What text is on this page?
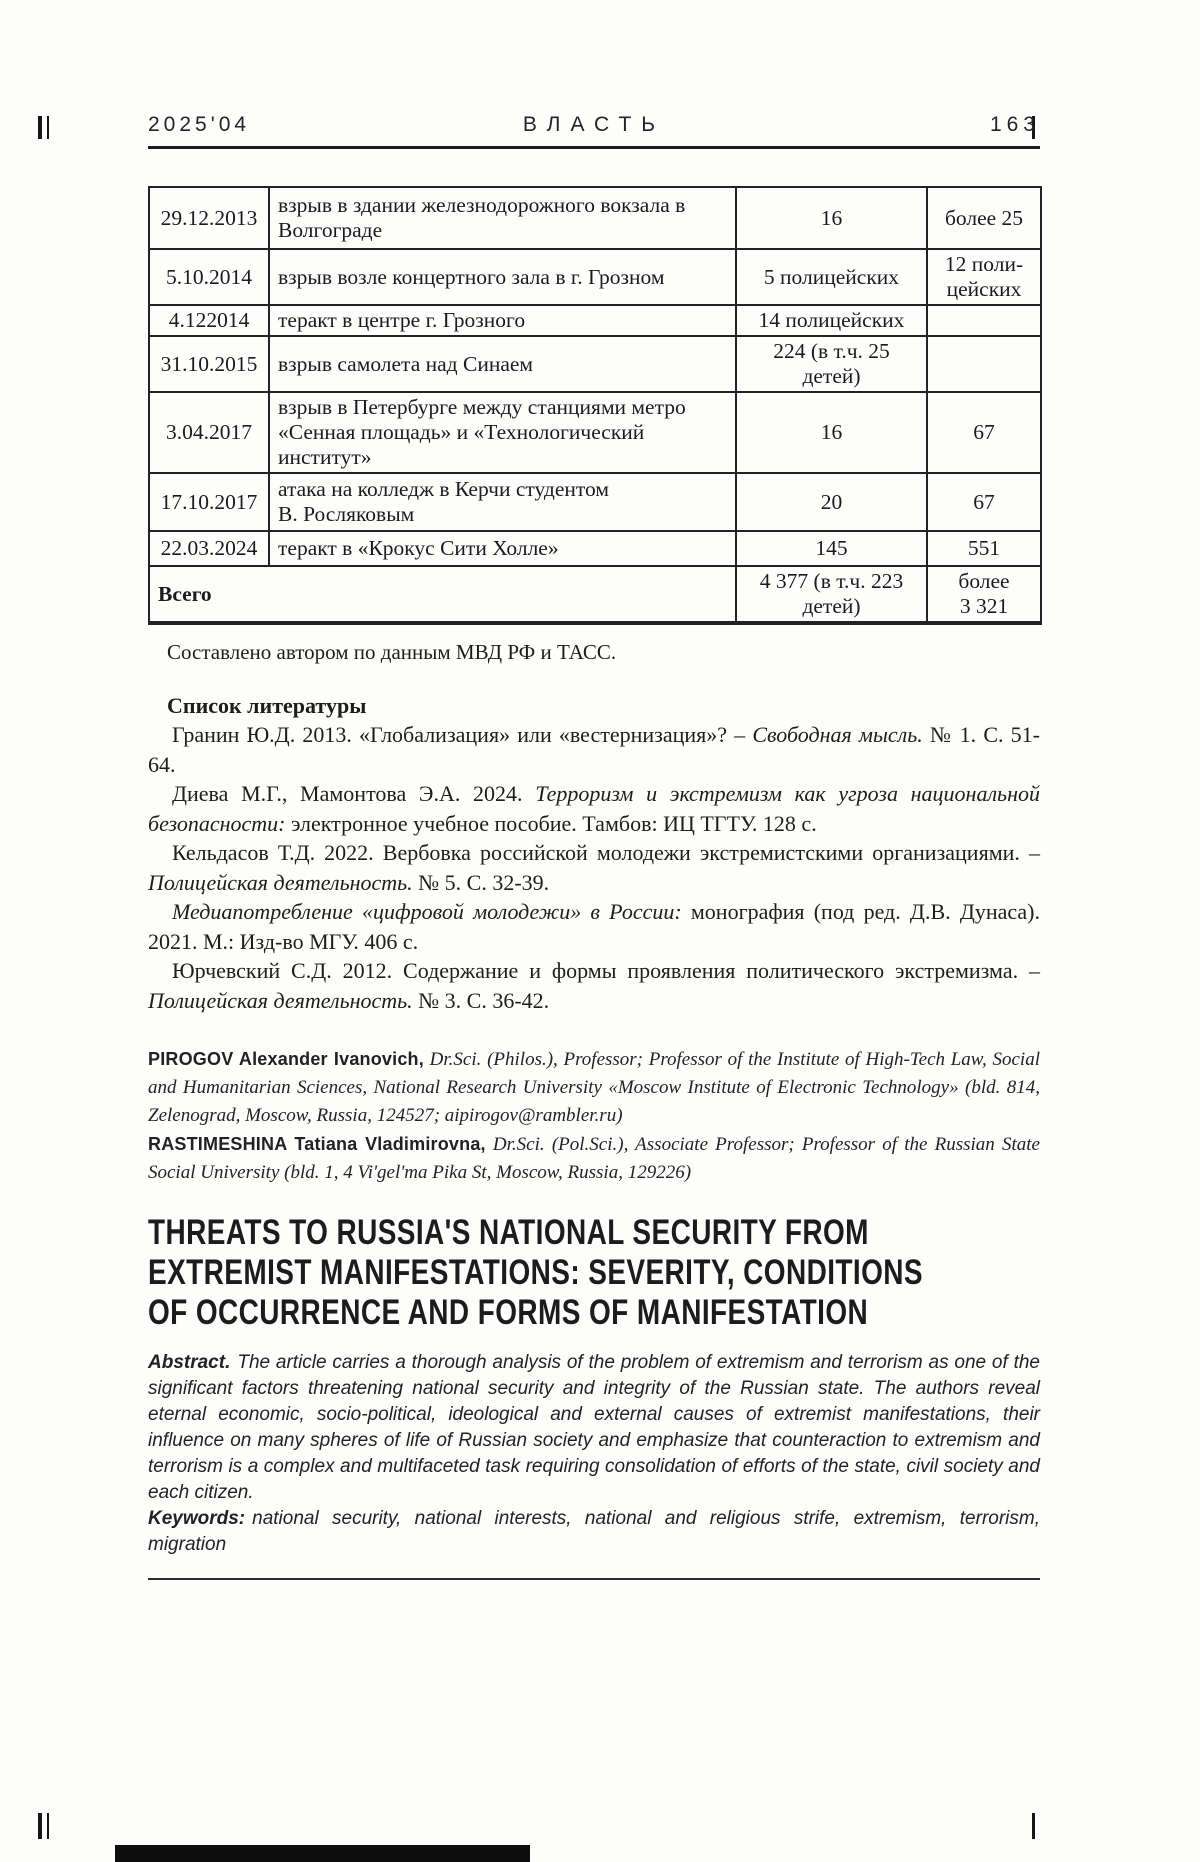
2025'04	ВЛАСТЬ	163
29.12.2013	взрыв в здании железнодорожного вокзала в Волгограде	16	более 25
5.10.2014	взрыв возле концертного зала в г. Грозном	5 полицейских	12 поли-цейских
4.122014	теракт в центре г. Грозного	14 полицейских	
31.10.2015	взрыв самолета над Синаем	224 (в т.ч. 25 детей)	
3.04.2017	взрыв в Петербурге между станциями метро «Сенная площадь» и «Технологический институт»	16	67
17.10.2017	атака на колледж в Керчи студентом В. Росляковым	20	67
22.03.2024	теракт в «Крокус Сити Холле»	145	551
Всего		4 377 (в т.ч. 223 детей)	более 3 321

Составлено автором по данным МВД РФ и ТАСС.

Список литературы

Гранин Ю.Д. 2013. «Глобализация» или «вестернизация»? – Свободная мысль. № 1. С. 51-64.

Диева М.Г., Мамонтова Э.А. 2024. Терроризм и экстремизм как угроза национальной безопасности: электронное учебное пособие. Тамбов: ИЦ ТГТУ. 128 с.

Кельдасов Т.Д. 2022. Вербовка российской молодежи экстремистскими организациями. – Полицейская деятельность. № 5. С. 32-39.

Медиапотребление «цифровой молодежи» в России: монография (под ред. Д.В. Дунаса). 2021. М.: Изд-во МГУ. 406 с.

Юрчевский С.Д. 2012. Содержание и формы проявления политического экстремизма. – Полицейская деятельность. № 3. С. 36-42.

PIROGOV Alexander Ivanovich, Dr.Sci. (Philos.), Professor; Professor of the Institute of High-Tech Law, Social and Humanitarian Sciences, National Research University «Moscow Institute of Electronic Technology» (bld. 814, Zelenograd, Moscow, Russia, 124527; aipirogov@rambler.ru)

RASTIMESHINA Tatiana Vladimirovna, Dr.Sci. (Pol.Sci.), Associate Professor; Professor of the Russian State Social University (bld. 1, 4 Vi'gel'ma Pika St, Moscow, Russia, 129226)

THREATS TO RUSSIA'S NATIONAL SECURITY FROM
EXTREMIST MANIFESTATIONS: SEVERITY, CONDITIONS
OF OCCURRENCE AND FORMS OF MANIFESTATION

Abstract. The article carries a thorough analysis of the problem of extremism and terrorism as one of the significant factors threatening national security and integrity of the Russian state. The authors reveal eternal economic, socio-political, ideological and external causes of extremist manifestations, their influence on many spheres of life of Russian society and emphasize that counteraction to extremism and terrorism is a complex and multifaceted task requiring consolidation of efforts of the state, civil society and each citizen.

Keywords: national security, national interests, national and religious strife, extremism, terrorism, migration
